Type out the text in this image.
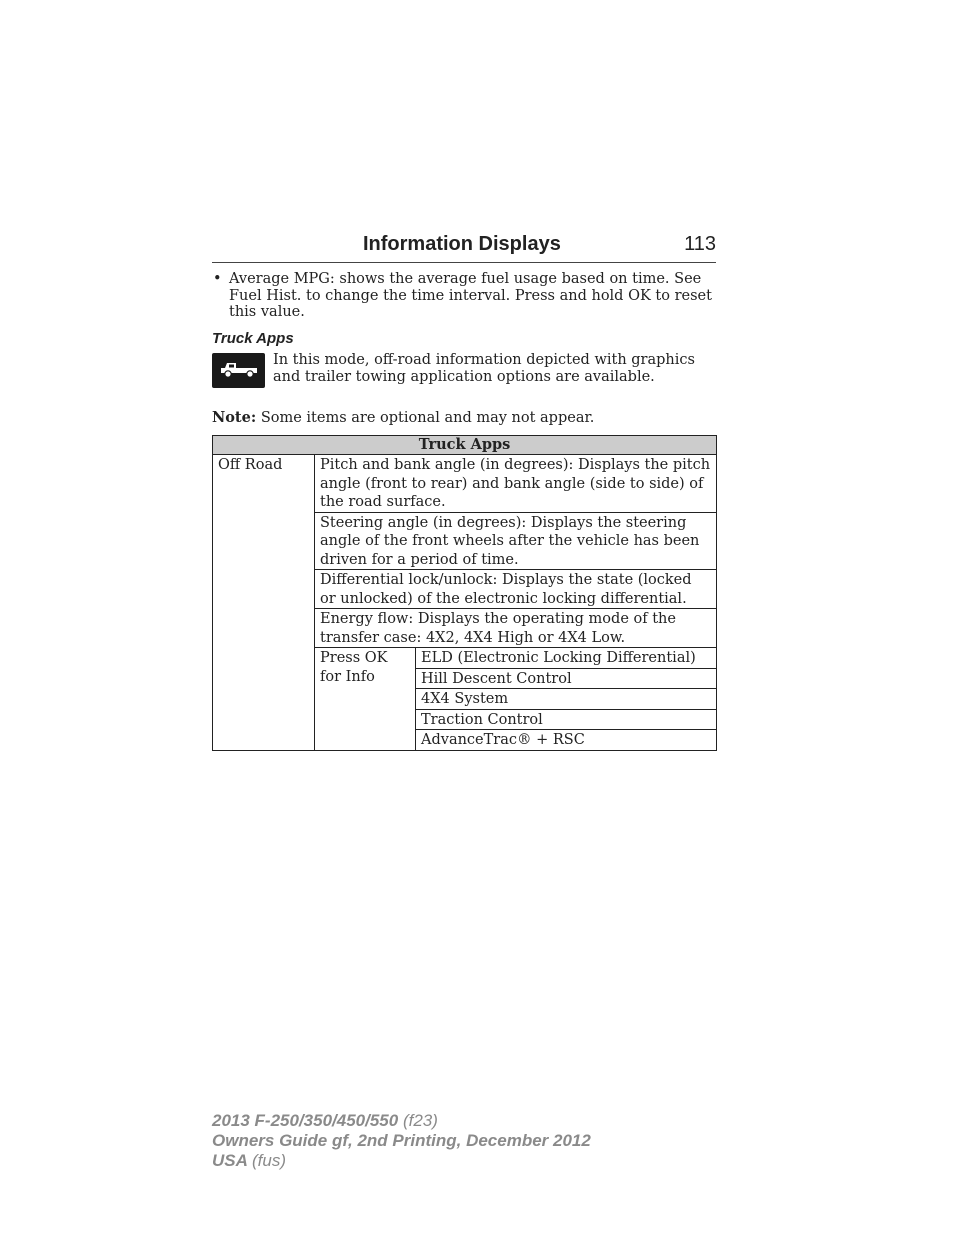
Information Displays	113
• Average MPG: shows the average fuel usage based on time. See Fuel Hist. to change the time interval. Press and hold OK to reset this value.
Truck Apps
In this mode, off-road information depicted with graphics and trailer towing application options are available.
Note: Some items are optional and may not appear.
Truck Apps		
Off Road	Pitch and bank angle (in degrees): Displays the pitch angle (front to rear) and bank angle (side to side) of the road surface.	
	Steering angle (in degrees): Displays the steering angle of the front wheels after the vehicle has been driven for a period of time.	
	Differential lock/unlock: Displays the state (locked or unlocked) of the electronic locking differential.	
	Energy flow: Displays the operating mode of the transfer case: 4X2, 4X4 High or 4X4 Low.	
	Press OK for Info	ELD (Electronic Locking Differential)
		Hill Descent Control
		4X4 System
		Traction Control
		AdvanceTrac® + RSC
2013 F-250/350/450/550 (f23)
Owners Guide gf, 2nd Printing, December 2012
USA (fus)
